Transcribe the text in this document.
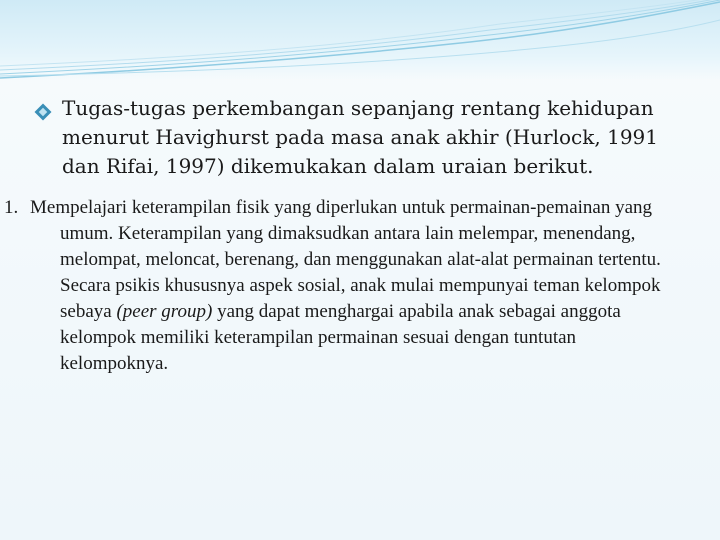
Tugas-tugas perkembangan sepanjang rentang kehidupan menurut Havighurst pada masa anak akhir (Hurlock, 1991 dan Rifai, 1997) dikemukakan dalam uraian berikut.

1. Mempelajari keterampilan fisik yang diperlukan untuk permainan-pemainan yang umum. Keterampilan yang dimaksudkan antara lain melempar, menendang, melompat, meloncat, berenang, dan menggunakan alat-alat permainan tertentu. Secara psikis khususnya aspek sosial, anak mulai mempunyai teman kelompok sebaya (peer group) yang dapat menghargai apabila anak sebagai anggota kelompok memiliki keterampilan permainan sesuai dengan tuntutan kelompoknya.
